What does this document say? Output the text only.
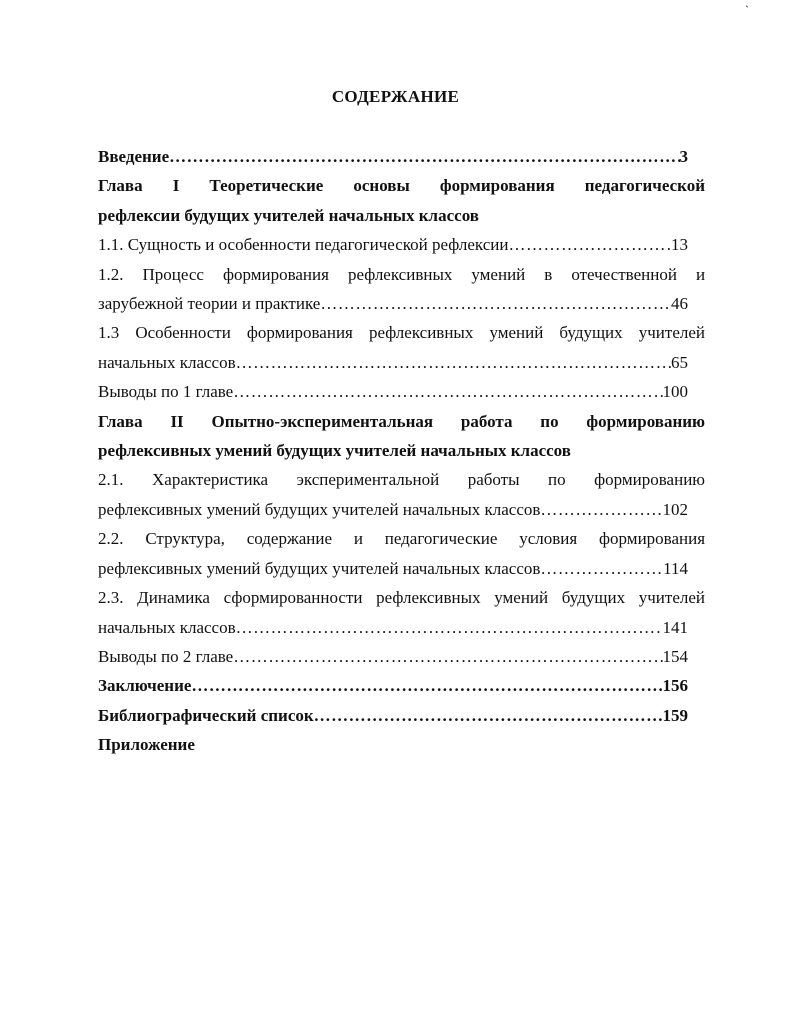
`
СОДЕРЖАНИЕ
Введение ……………………………………………………………………………………………………………………………………	3
Глава I Теоретические основы формирования педагогической
рефлексии будущих учителей начальных классов
1.1. Сущность и особенности педагогической рефлексии ……………………………………………………………………………………………………………………………………	13
1.2. Процесс формирования рефлексивных умений в отечественной и
зарубежной теории и практике ……………………………………………………………………………………………………………………………………	46
1.3 Особенности формирования рефлексивных умений будущих учителей
начальных классов ……………………………………………………………………………………………………………………………………	65
Выводы по 1 главе ……………………………………………………………………………………………………………………………………	100
Глава II Опытно-экспериментальная работа по формированию
рефлексивных умений будущих учителей начальных классов
2.1. Характеристика экспериментальной работы по формированию
рефлексивных умений будущих учителей начальных классов ……………………………………………………………………………………………………………………………………	102
2.2. Структура, содержание и педагогические условия формирования
рефлексивных умений будущих учителей начальных классов ……………………………………………………………………………………………………………………………………	114
2.3. Динамика сформированности рефлексивных умений будущих учителей
начальных классов ……………………………………………………………………………………………………………………………………	141
Выводы по 2 главе ……………………………………………………………………………………………………………………………………	154
Заключение ……………………………………………………………………………………………………………………………………	156
Библиографический список ……………………………………………………………………………………………………………………………………	159
Приложение
